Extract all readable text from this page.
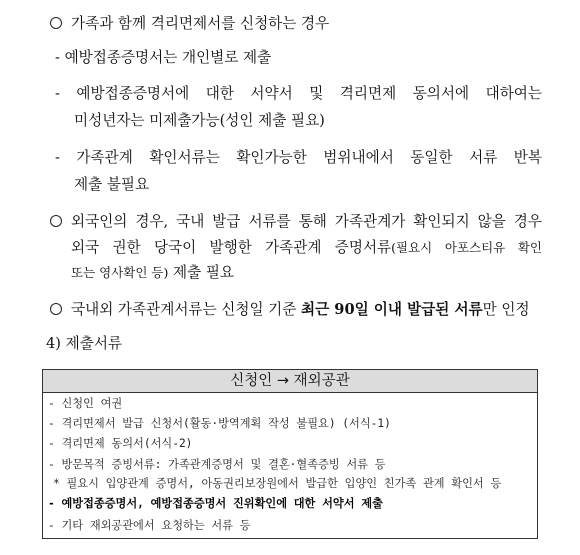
가족과 함께 격리면제서를 신청하는 경우
- 예방접종증명서는 개인별로 제출
- 예방접종증명서에 대한 서약서 및 격리면제 동의서에 대하여는
미성년자는 미제출가능(성인 제출 필요)
- 가족관계 확인서류는 확인가능한 범위내에서 동일한 서류 반복
제출 불필요
외국인의 경우, 국내 발급 서류를 통해 가족관계가 확인되지 않을 경우
외국 권한 당국이 발행한 가족관계 증명서류(필요시 아포스티유 확인
또는 영사확인 등) 제출 필요
국내외 가족관계서류는 신청일 기준 최근 90일 이내 발급된 서류만 인정
4) 제출서류
신청인 → 재외공관
- 신청인 여권
- 격리면제서 발급 신청서(활동·방역계획 작성 불필요) (서식-1)
- 격리면제 동의서(서식-2)
- 방문목적 증빙서류: 가족관계증명서 및 결혼·혈족증빙 서류 등
* 필요시 입양관계 증명서, 아동권리보장원에서 발급한 입양인 친가족 관계 확인서 등
- 예방접종증명서, 예방접종증명서 진위확인에 대한 서약서 제출
- 기타 재외공관에서 요청하는 서류 등
